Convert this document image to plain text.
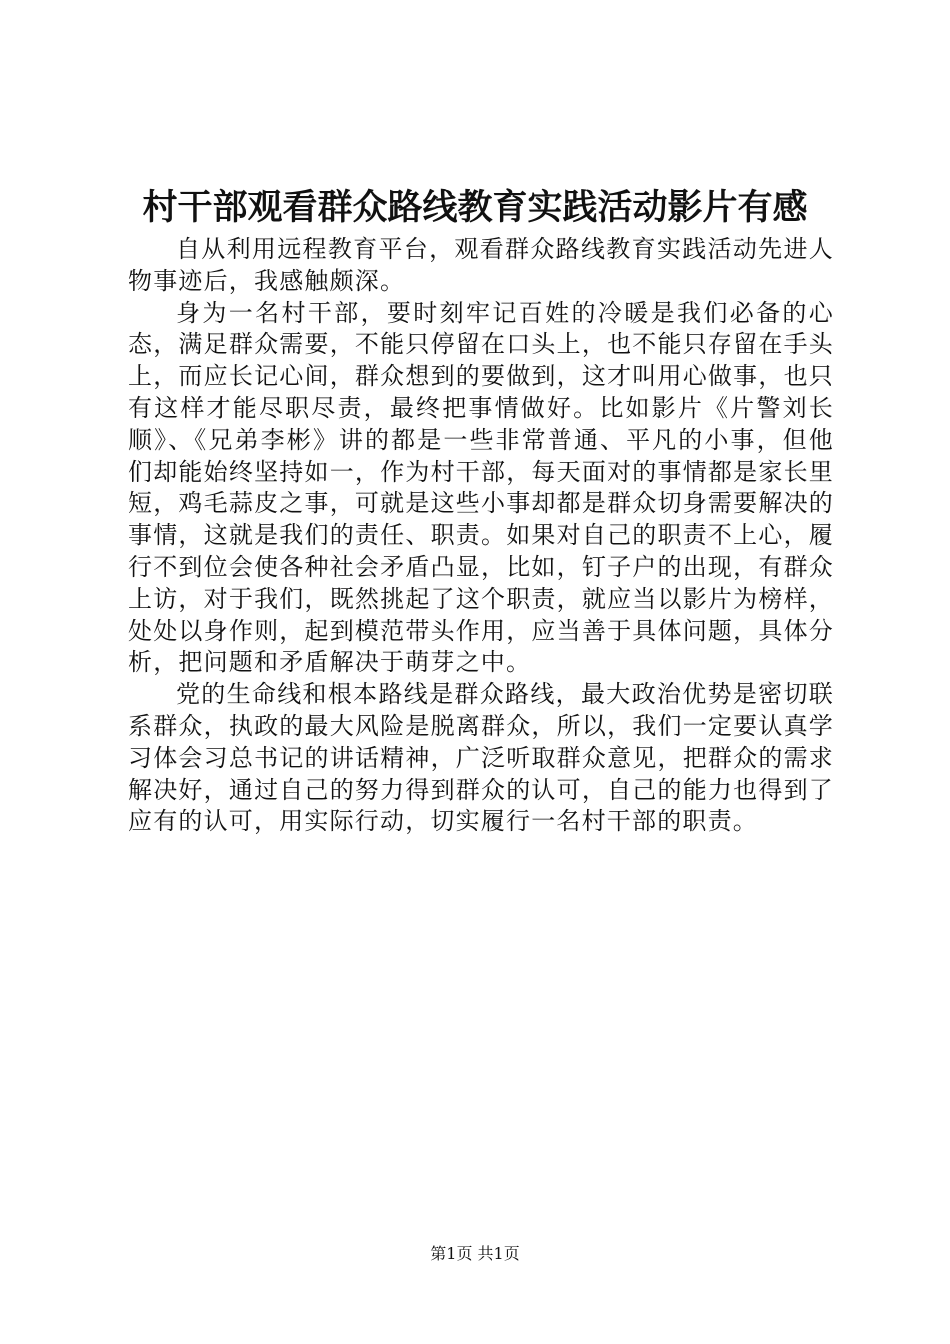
村干部观看群众路线教育实践活动影片有感

自从利用远程教育平台，观看群众路线教育实践活动先进人物事迹后，我感触颇深。

身为一名村干部，要时刻牢记百姓的冷暖是我们必备的心态，满足群众需要，不能只停留在口头上，也不能只存留在手头上，而应长记心间，群众想到的要做到，这才叫用心做事，也只有这样才能尽职尽责，最终把事情做好。比如影片《片警刘长顺》、《兄弟李彬》讲的都是一些非常普通、平凡的小事，但他们却能始终坚持如一，作为村干部，每天面对的事情都是家长里短，鸡毛蒜皮之事，可就是这些小事却都是群众切身需要解决的事情，这就是我们的责任、职责。如果对自己的职责不上心，履行不到位会使各种社会矛盾凸显，比如，钉子户的出现，有群众上访，对于我们，既然挑起了这个职责，就应当以影片为榜样，处处以身作则，起到模范带头作用，应当善于具体问题，具体分析，把问题和矛盾解决于萌芽之中。

党的生命线和根本路线是群众路线，最大政治优势是密切联系群众，执政的最大风险是脱离群众，所以，我们一定要认真学习体会习总书记的讲话精神，广泛听取群众意见，把群众的需求解决好，通过自己的努力得到群众的认可，自己的能力也得到了应有的认可，用实际行动，切实履行一名村干部的职责。

第1页 共1页
